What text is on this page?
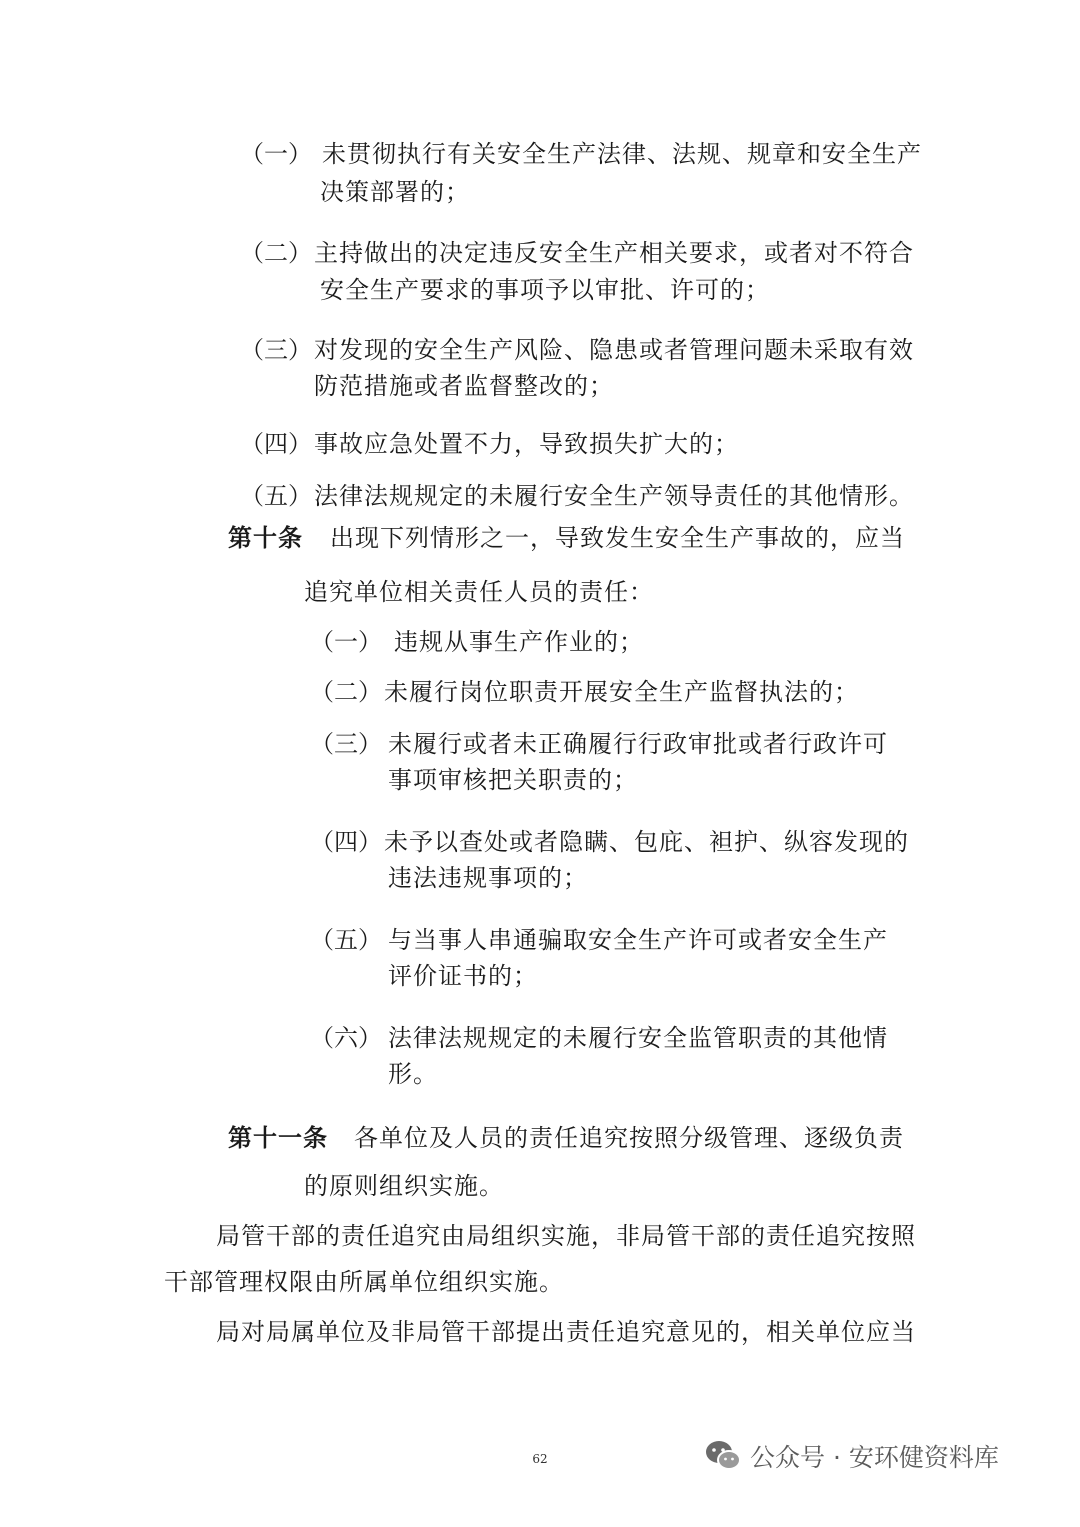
（一） 未贯彻执行有关安全生产法律、法规、规章和安全生产
决策部署的；
（二） 主持做出的决定违反安全生产相关要求，或者对不符合
安全生产要求的事项予以审批、许可的；
（三） 对发现的安全生产风险、隐患或者管理问题未采取有效
防范措施或者监督整改的；
（四） 事故应急处置不力，导致损失扩大的；
（五） 法律法规规定的未履行安全生产领导责任的其他情形。
第十条 出现下列情形之一，导致发生安全生产事故的，应当
追究单位相关责任人员的责任：
（一） 违规从事生产作业的；
（二） 未履行岗位职责开展安全生产监督执法的；
（三） 未履行或者未正确履行行政审批或者行政许可
事项审核把关职责的；
（四） 未予以查处或者隐瞒、包庇、袒护、纵容发现的
违法违规事项的；
（五） 与当事人串通骗取安全生产许可或者安全生产
评价证书的；
（六） 法律法规规定的未履行安全监管职责的其他情
形。
第十一条 各单位及人员的责任追究按照分级管理、逐级负责
的原则组织实施。
局管干部的责任追究由局组织实施，非局管干部的责任追究按照
干部管理权限由所属单位组织实施。
局对局属单位及非局管干部提出责任追究意见的，相关单位应当
62	公众号 · 安环健资料库
